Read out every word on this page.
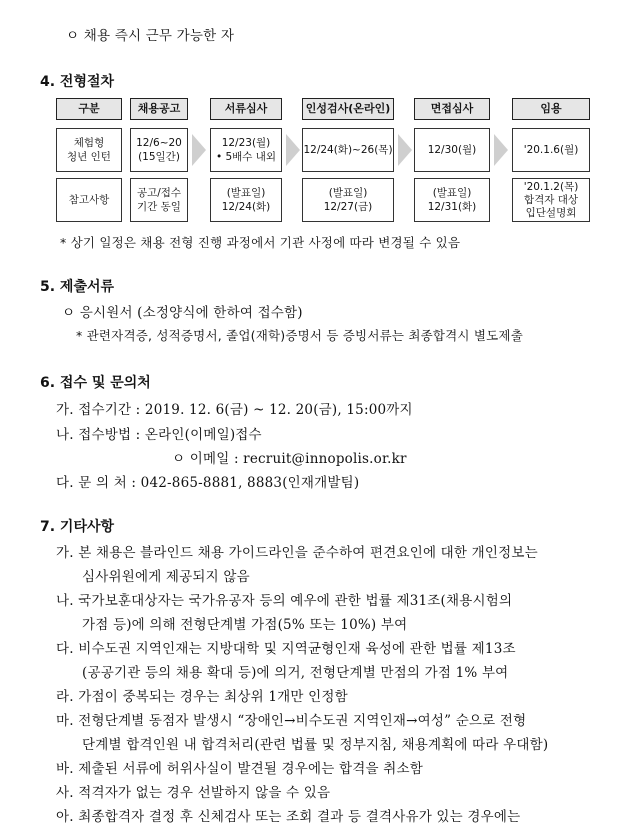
ㅇ 채용 즉시 근무 가능한 자
4. 전형절차
구분
체험형
청년 인턴
참고사항
채용공고
12/6~20
(15일간)
공고/접수
기간 동일
서류심사
12/23(월)
• 5배수 내외
(발표일)
12/24(화)
인성검사(온라인)
12/24(화)~26(목)
(발표일)
12/27(금)
면접심사
12/30(월)
(발표일)
12/31(화)
임용
'20.1.6(월)
'20.1.2(목)
합격자 대상
입단설명회
* 상기 일정은 채용 전형 진행 과정에서 기관 사정에 따라 변경될 수 있음
5. 제출서류
ㅇ 응시원서 (소정양식에 한하여 접수함)
* 관련자격증, 성적증명서, 졸업(재학)증명서 등 증빙서류는 최종합격시 별도제출
6. 접수 및 문의처
가. 접수기간 : 2019. 12. 6(금) ~ 12. 20(금), 15:00까지
나. 접수방법 : 온라인(이메일)접수
ㅇ 이메일 : recruit@innopolis.or.kr
다. 문 의 처 : 042-865-8881, 8883(인재개발팀)
7. 기타사항
가. 본 채용은 블라인드 채용 가이드라인을 준수하여 편견요인에 대한 개인정보는
심사위원에게 제공되지 않음
나. 국가보훈대상자는 국가유공자 등의 예우에 관한 법률 제31조(채용시험의
가점 등)에 의해 전형단계별 가점(5% 또는 10%) 부여
다. 비수도권 지역인재는 지방대학 및 지역균형인재 육성에 관한 법률 제13조
(공공기관 등의 채용 확대 등)에 의거, 전형단계별 만점의 가점 1% 부여
라. 가점이 중복되는 경우는 최상위 1개만 인정함
마. 전형단계별 동점자 발생시 “장애인→비수도권 지역인재→여성” 순으로 전형
단계별 합격인원 내 합격처리(관련 법률 및 정부지침, 채용계획에 따라 우대함)
바. 제출된 서류에 허위사실이 발견될 경우에는 합격을 취소함
사. 적격자가 없는 경우 선발하지 않을 수 있음
아. 최종합격자 결정 후 신체검사 또는 조회 결과 등 결격사유가 있는 경우에는
